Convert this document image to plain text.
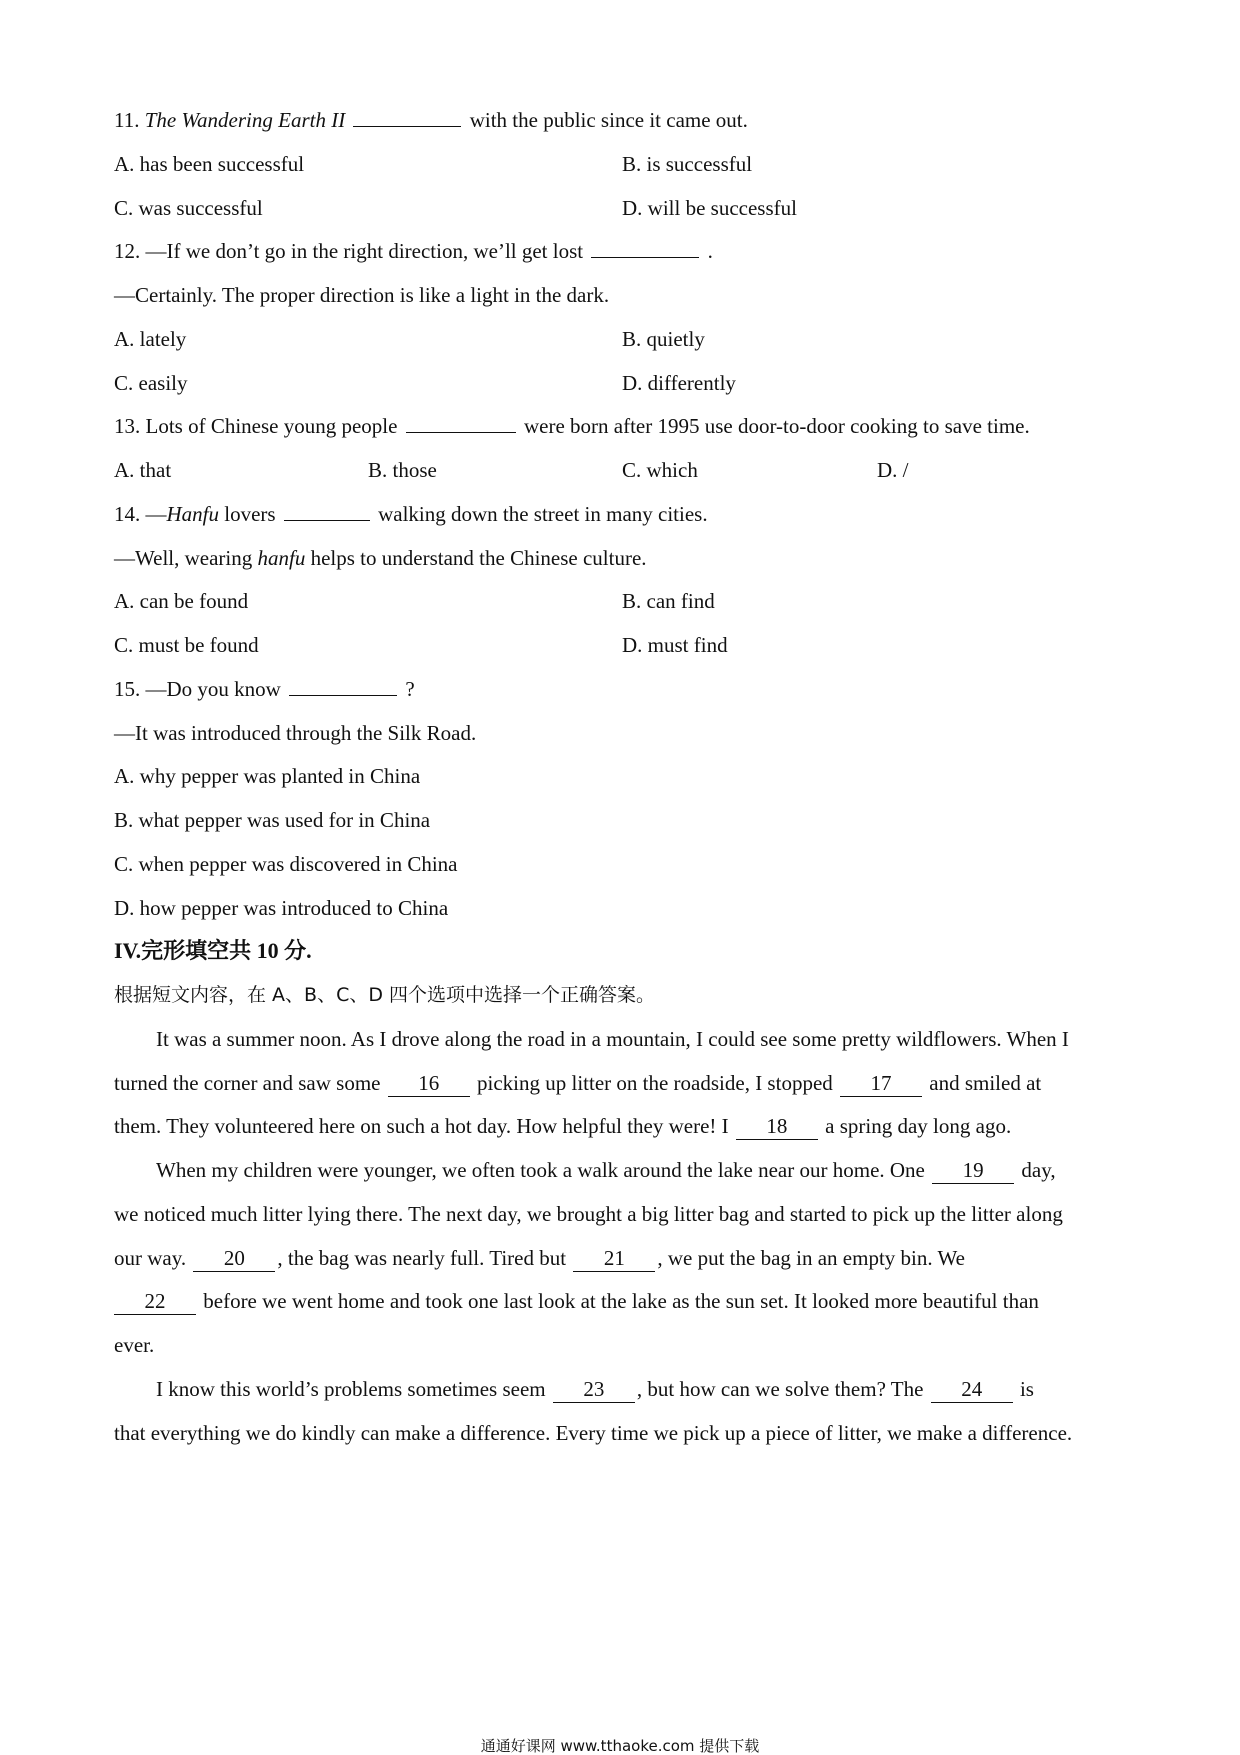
11. The Wandering Earth II	with the public since it came out.
A. has been successful	B. is successful
C. was successful	D. will be successful
12. —If we don’t go in the right direction, we’ll get lost	.
—Certainly. The proper direction is like a light in the dark.
A. lately	B. quietly
C. easily	D. differently
13. Lots of Chinese young people	were born after 1995 use door-to-door cooking to save time.
A. that	B. those	C. which	D. /
14. —Hanfu lovers	walking down the street in many cities.
—Well, wearing hanfu helps to understand the Chinese culture.
A. can be found	B. can find
C. must be found	D. must find
15. —Do you know	?
—It was introduced through the Silk Road.
A. why pepper was planted in China
B. what pepper was used for in China
C. when pepper was discovered in China
D. how pepper was introduced to China
IV.完形填空共 10 分.
根据短文内容，在 A、B、C、D 四个选项中选择一个正确答案。
It was a summer noon. As I drove along the road in a mountain, I could see some pretty wildflowers. When I
turned the corner and saw some 16 picking up litter on the roadside, I stopped 17 and smiled at
them. They volunteered here on such a hot day. How helpful they were! I 18 a spring day long ago.
When my children were younger, we often took a walk around the lake near our home. One 19 day,
we noticed much litter lying there. The next day, we brought a big litter bag and started to pick up the litter along
our way. 20 , the bag was nearly full. Tired but 21 , we put the bag in an empty bin. We
22 before we went home and took one last look at the lake as the sun set. It looked more beautiful than
ever.
I know this world’s problems sometimes seem 23 , but how can we solve them? The 24 is
that everything we do kindly can make a difference. Every time we pick up a piece of litter, we make a difference.
通通好课网 www.tthaoke.com 提供下载
